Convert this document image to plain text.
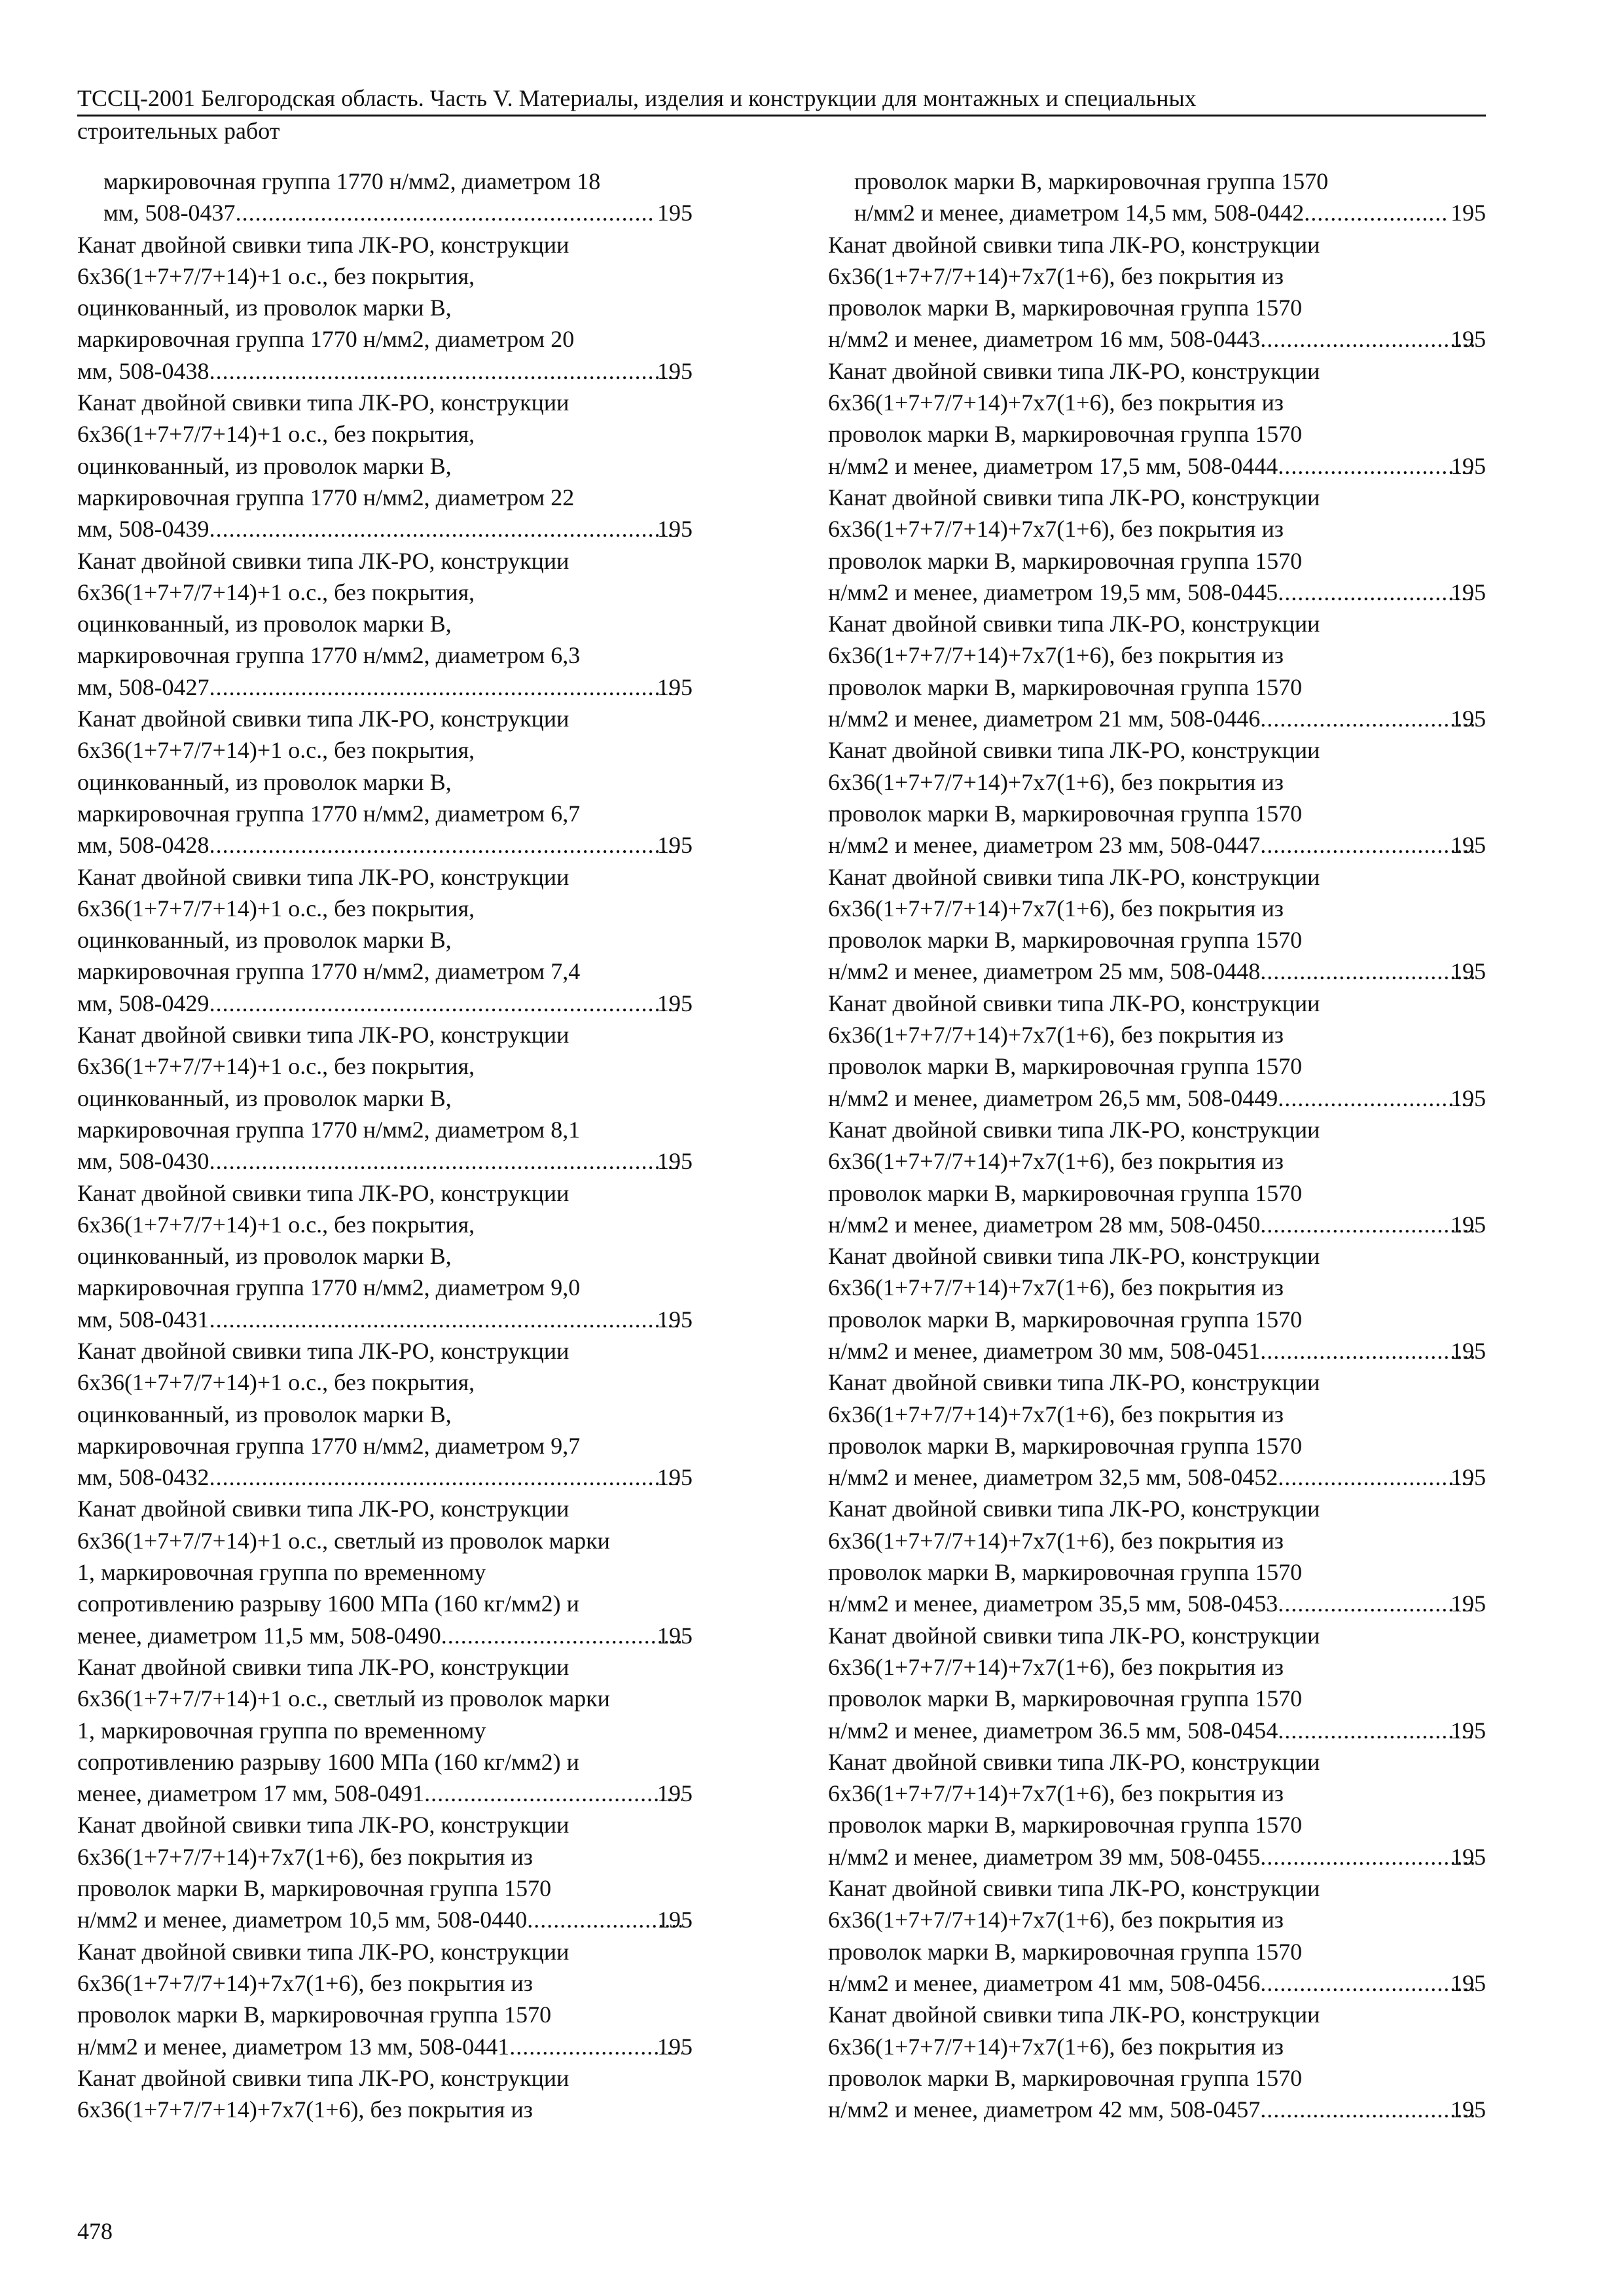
ТССЦ-2001 Белгородская область. Часть V. Материалы, изделия и конструкции для монтажных и специальных
строительных работ
маркировочная группа 1770 н/мм2, диаметром 18
мм, 508-0437 .....	195
Канат двойной свивки типа ЛК-РО, конструкции
6х36(1+7+7/7+14)+1 о.с., без покрытия,
оцинкованный, из проволок марки В,
маркировочная группа 1770 н/мм2, диаметром 20
мм, 508-0438 .....	195
Канат двойной свивки типа ЛК-РО, конструкции
6х36(1+7+7/7+14)+1 о.с., без покрытия,
оцинкованный, из проволок марки В,
маркировочная группа 1770 н/мм2, диаметром 22
мм, 508-0439 .....	195
Канат двойной свивки типа ЛК-РО, конструкции
6х36(1+7+7/7+14)+1 о.с., без покрытия,
оцинкованный, из проволок марки В,
маркировочная группа 1770 н/мм2, диаметром 6,3
мм, 508-0427 .....	195
Канат двойной свивки типа ЛК-РО, конструкции
6х36(1+7+7/7+14)+1 о.с., без покрытия,
оцинкованный, из проволок марки В,
маркировочная группа 1770 н/мм2, диаметром 6,7
мм, 508-0428 .....	195
Канат двойной свивки типа ЛК-РО, конструкции
6х36(1+7+7/7+14)+1 о.с., без покрытия,
оцинкованный, из проволок марки В,
маркировочная группа 1770 н/мм2, диаметром 7,4
мм, 508-0429 .....	195
Канат двойной свивки типа ЛК-РО, конструкции
6х36(1+7+7/7+14)+1 о.с., без покрытия,
оцинкованный, из проволок марки В,
маркировочная группа 1770 н/мм2, диаметром 8,1
мм, 508-0430 .....	195
Канат двойной свивки типа ЛК-РО, конструкции
6х36(1+7+7/7+14)+1 о.с., без покрытия,
оцинкованный, из проволок марки В,
маркировочная группа 1770 н/мм2, диаметром 9,0
мм, 508-0431 .....	195
Канат двойной свивки типа ЛК-РО, конструкции
6х36(1+7+7/7+14)+1 о.с., без покрытия,
оцинкованный, из проволок марки В,
маркировочная группа 1770 н/мм2, диаметром 9,7
мм, 508-0432 .....	195
Канат двойной свивки типа ЛК-РО, конструкции
6х36(1+7+7/7+14)+1 о.с., светлый из проволок марки
1, маркировочная группа по временному
сопротивлению разрыву 1600 МПа (160 кг/мм2) и
менее, диаметром 11,5 мм, 508-0490 .....	195
Канат двойной свивки типа ЛК-РО, конструкции
6х36(1+7+7/7+14)+1 о.с., светлый из проволок марки
1, маркировочная группа по временному
сопротивлению разрыву 1600 МПа (160 кг/мм2) и
менее, диаметром 17 мм, 508-0491 .....	195
Канат двойной свивки типа ЛК-РО, конструкции
6х36(1+7+7/7+14)+7х7(1+6), без покрытия из
проволок марки В, маркировочная группа 1570
н/мм2 и менее, диаметром 10,5 мм, 508-0440 .....	195
Канат двойной свивки типа ЛК-РО, конструкции
6х36(1+7+7/7+14)+7х7(1+6), без покрытия из
проволок марки В, маркировочная группа 1570
н/мм2 и менее, диаметром 13 мм, 508-0441 .....	195
Канат двойной свивки типа ЛК-РО, конструкции
6х36(1+7+7/7+14)+7х7(1+6), без покрытия из
проволок марки В, маркировочная группа 1570
н/мм2 и менее, диаметром 14,5 мм, 508-0442 .....	195
Канат двойной свивки типа ЛК-РО, конструкции
6х36(1+7+7/7+14)+7х7(1+6), без покрытия из
проволок марки В, маркировочная группа 1570
н/мм2 и менее, диаметром 16 мм, 508-0443 .....	195
Канат двойной свивки типа ЛК-РО, конструкции
6х36(1+7+7/7+14)+7х7(1+6), без покрытия из
проволок марки В, маркировочная группа 1570
н/мм2 и менее, диаметром 17,5 мм, 508-0444 .....	195
Канат двойной свивки типа ЛК-РО, конструкции
6х36(1+7+7/7+14)+7х7(1+6), без покрытия из
проволок марки В, маркировочная группа 1570
н/мм2 и менее, диаметром 19,5 мм, 508-0445 .....	195
Канат двойной свивки типа ЛК-РО, конструкции
6х36(1+7+7/7+14)+7х7(1+6), без покрытия из
проволок марки В, маркировочная группа 1570
н/мм2 и менее, диаметром 21 мм, 508-0446 .....	195
Канат двойной свивки типа ЛК-РО, конструкции
6х36(1+7+7/7+14)+7х7(1+6), без покрытия из
проволок марки В, маркировочная группа 1570
н/мм2 и менее, диаметром 23 мм, 508-0447 .....	195
Канат двойной свивки типа ЛК-РО, конструкции
6х36(1+7+7/7+14)+7х7(1+6), без покрытия из
проволок марки В, маркировочная группа 1570
н/мм2 и менее, диаметром 25 мм, 508-0448 .....	195
Канат двойной свивки типа ЛК-РО, конструкции
6х36(1+7+7/7+14)+7х7(1+6), без покрытия из
проволок марки В, маркировочная группа 1570
н/мм2 и менее, диаметром 26,5 мм, 508-0449 .....	195
Канат двойной свивки типа ЛК-РО, конструкции
6х36(1+7+7/7+14)+7х7(1+6), без покрытия из
проволок марки В, маркировочная группа 1570
н/мм2 и менее, диаметром 28 мм, 508-0450 .....	195
Канат двойной свивки типа ЛК-РО, конструкции
6х36(1+7+7/7+14)+7х7(1+6), без покрытия из
проволок марки В, маркировочная группа 1570
н/мм2 и менее, диаметром 30 мм, 508-0451 .....	195
Канат двойной свивки типа ЛК-РО, конструкции
6х36(1+7+7/7+14)+7х7(1+6), без покрытия из
проволок марки В, маркировочная группа 1570
н/мм2 и менее, диаметром 32,5 мм, 508-0452 .....	195
Канат двойной свивки типа ЛК-РО, конструкции
6х36(1+7+7/7+14)+7х7(1+6), без покрытия из
проволок марки В, маркировочная группа 1570
н/мм2 и менее, диаметром 35,5 мм, 508-0453 .....	195
Канат двойной свивки типа ЛК-РО, конструкции
6х36(1+7+7/7+14)+7х7(1+6), без покрытия из
проволок марки В, маркировочная группа 1570
н/мм2 и менее, диаметром 36.5 мм, 508-0454 .....	195
Канат двойной свивки типа ЛК-РО, конструкции
6х36(1+7+7/7+14)+7х7(1+6), без покрытия из
проволок марки В, маркировочная группа 1570
н/мм2 и менее, диаметром 39 мм, 508-0455 .....	195
Канат двойной свивки типа ЛК-РО, конструкции
6х36(1+7+7/7+14)+7х7(1+6), без покрытия из
проволок марки В, маркировочная группа 1570
н/мм2 и менее, диаметром 41 мм, 508-0456 .....	195
Канат двойной свивки типа ЛК-РО, конструкции
6х36(1+7+7/7+14)+7х7(1+6), без покрытия из
проволок марки В, маркировочная группа 1570
н/мм2 и менее, диаметром 42 мм, 508-0457 .....	195
478
